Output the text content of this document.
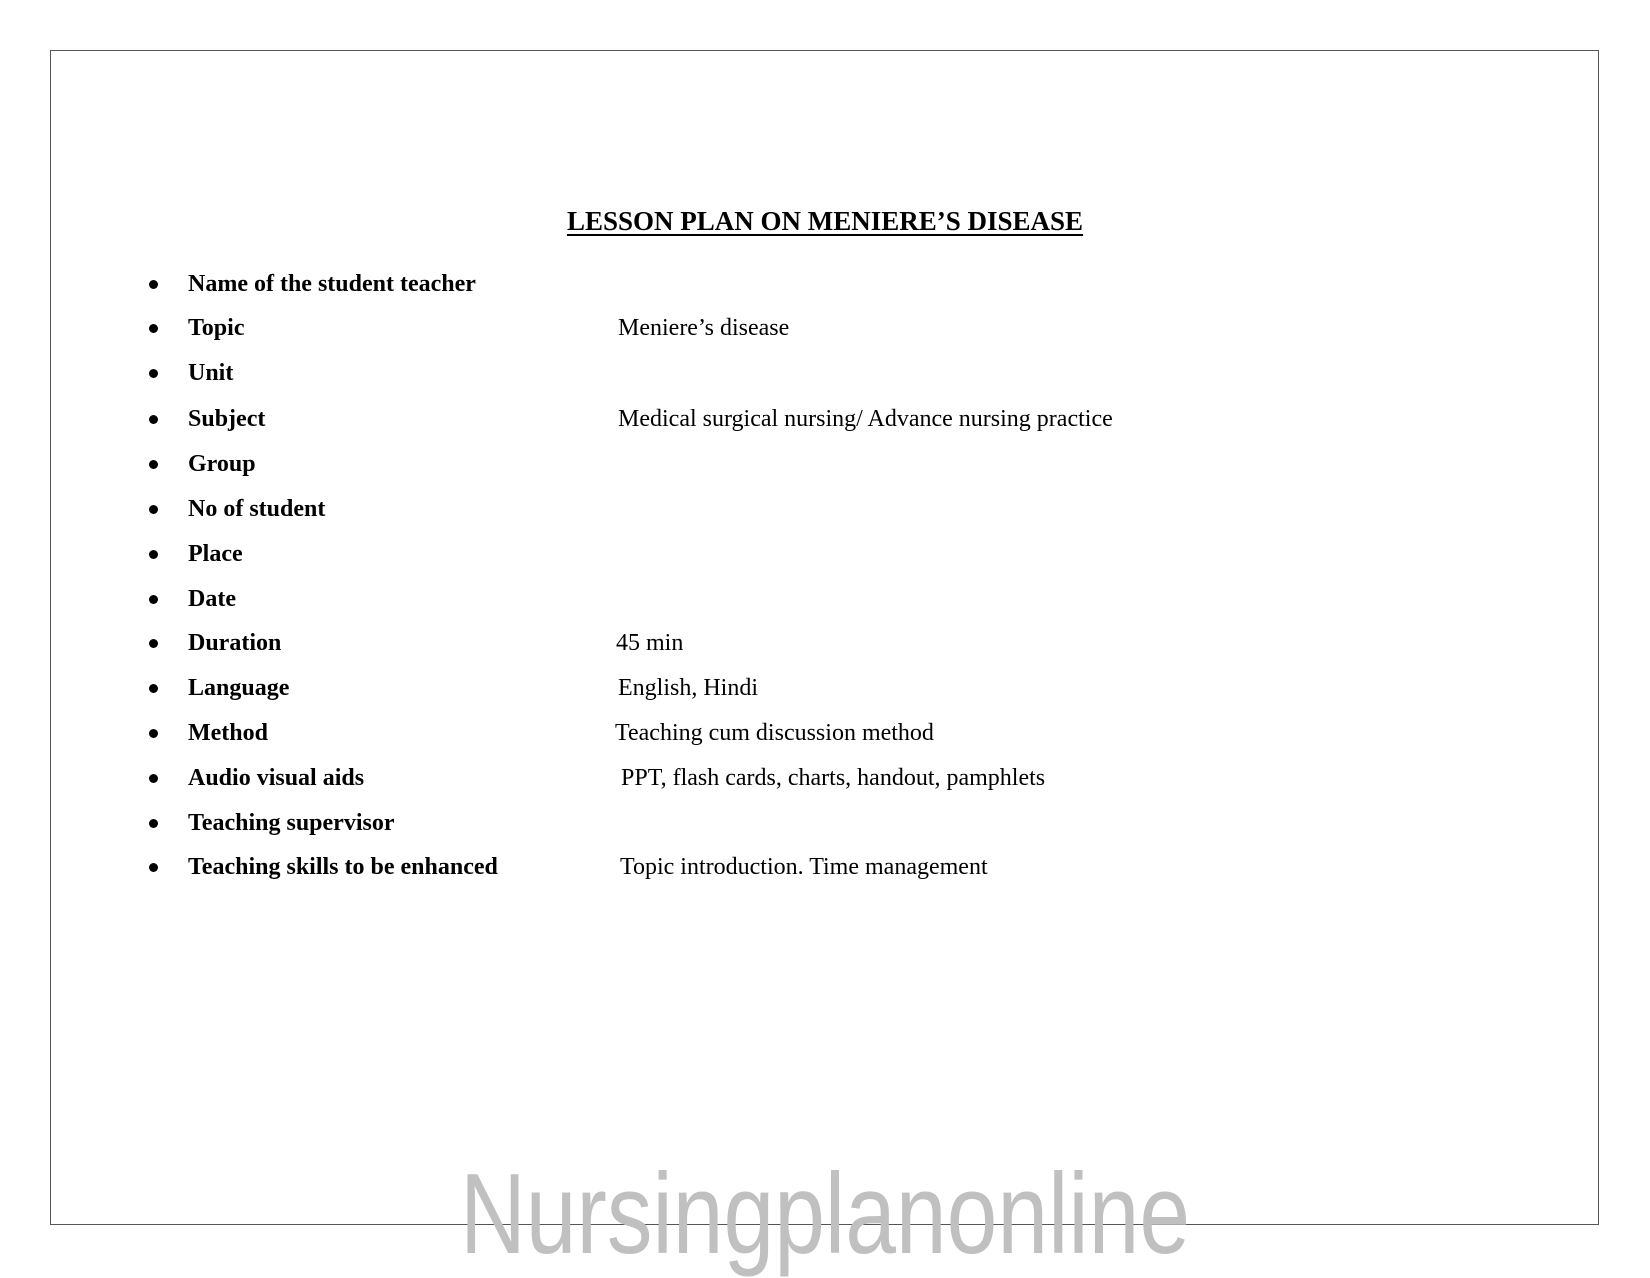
LESSON PLAN ON MENIERE’S DISEASE
Name of the student teacher
Topic	Meniere’s disease
Unit
Subject	Medical surgical nursing/ Advance nursing practice
Group
No of student
Place
Date
Duration	45 min
Language	English, Hindi
Method	Teaching cum discussion method
Audio visual aids	PPT, flash cards, charts, handout, pamphlets
Teaching supervisor
Teaching skills to be enhanced	Topic introduction. Time management
Nursingplanonline
